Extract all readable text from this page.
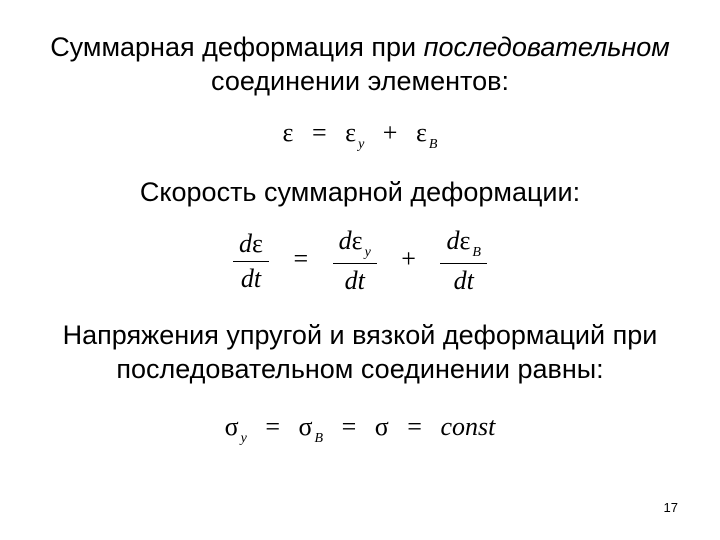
Суммарная деформация при последовательном
соединении элементов:
ε = ε $_у$ + ε $_В$
Скорость суммарной деформации:
$\frac{d\varepsilon}{dt} = \frac{d\varepsilon _у}{dt} + \frac{d\varepsilon _В}{dt}$
Напряжения упругой и вязкой деформаций при
последовательном соединении равны:
σ $_у$ = σ $_В$ = σ = const
17
